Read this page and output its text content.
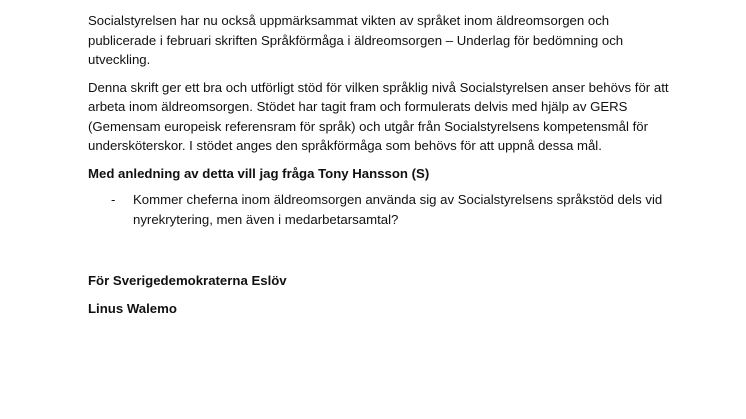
Socialstyrelsen har nu också uppmärksammat vikten av språket inom äldreomsorgen och publicerade i februari skriften Språkförmåga i äldreomsorgen – Underlag för bedömning och utveckling.

Denna skrift ger ett bra och utförligt stöd för vilken språklig nivå Socialstyrelsen anser behövs för att arbeta inom äldreomsorgen. Stödet har tagit fram och formulerats delvis med hjälp av GERS (Gemensam europeisk referensram för språk) och utgår från Socialstyrelsens kompetensmål för undersköterskor. I stödet anges den språkförmåga som behövs för att uppnå dessa mål.

Med anledning av detta vill jag fråga Tony Hansson (S)

- Kommer cheferna inom äldreomsorgen använda sig av Socialstyrelsens språkstöd dels vid nyrekrytering, men även i medarbetarsamtal?

För Sverigedemokraterna Eslöv

Linus Walemo
